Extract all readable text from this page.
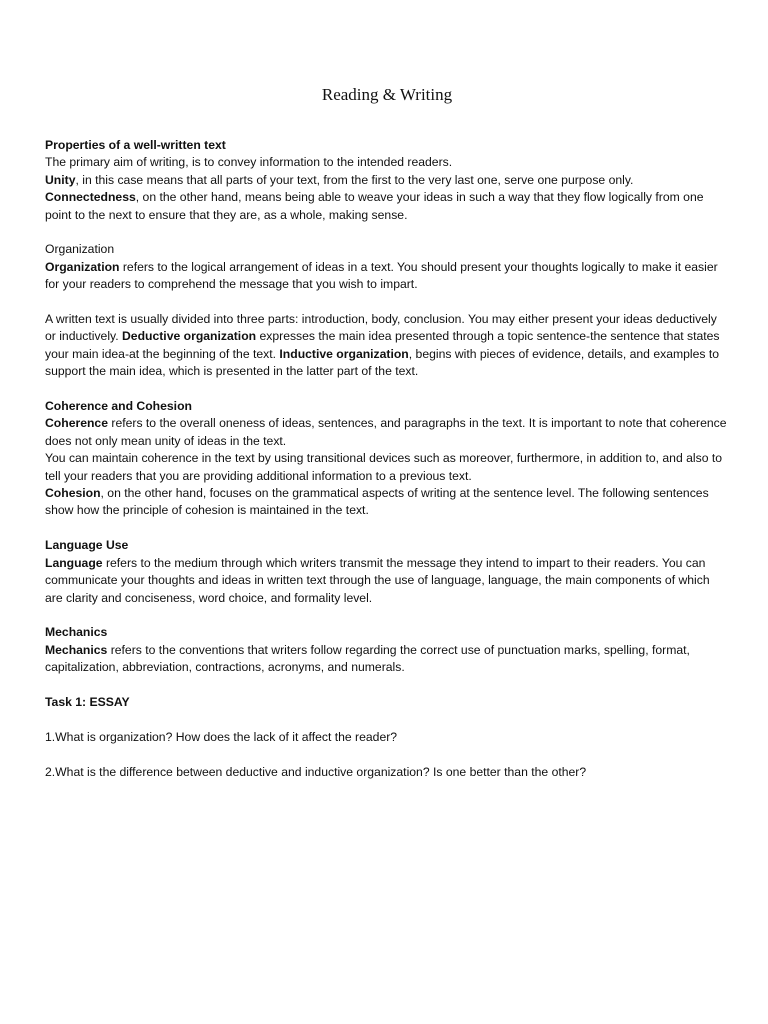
Reading & Writing

Properties of a well-written text

The primary aim of writing, is to convey information to the intended readers.

Unity, in this case means that all parts of your text, from the first to the very last one, serve one purpose only.

Connectedness, on the other hand, means being able to weave your ideas in such a way that they flow logically from one point to the next to ensure that they are, as a whole, making sense.

Organization

Organization refers to the logical arrangement of ideas in a text. You should present your thoughts logically to make it easier for your readers to comprehend the message that you wish to impart.

A written text is usually divided into three parts: introduction, body, conclusion. You may either present your ideas deductively or inductively. Deductive organization expresses the main idea presented through a topic sentence-the sentence that states your main idea-at the beginning of the text. Inductive organization, begins with pieces of evidence, details, and examples to support the main idea, which is presented in the latter part of the text.

Coherence and Cohesion

Coherence refers to the overall oneness of ideas, sentences, and paragraphs in the text. It is important to note that coherence does not only mean unity of ideas in the text.

You can maintain coherence in the text by using transitional devices such as moreover, furthermore, in addition to, and also to tell your readers that you are providing additional information to a previous text.

Cohesion, on the other hand, focuses on the grammatical aspects of writing at the sentence level. The following sentences show how the principle of cohesion is maintained in the text.

Language Use

Language refers to the medium through which writers transmit the message they intend to impart to their readers. You can communicate your thoughts and ideas in written text through the use of language, language, the main components of which are clarity and conciseness, word choice, and formality level.

Mechanics

Mechanics refers to the conventions that writers follow regarding the correct use of punctuation marks, spelling, format, capitalization, abbreviation, contractions, acronyms, and numerals.

Task 1: ESSAY

1.What is organization? How does the lack of it affect the reader?

2.What is the difference between deductive and inductive organization? Is one better than the other?
